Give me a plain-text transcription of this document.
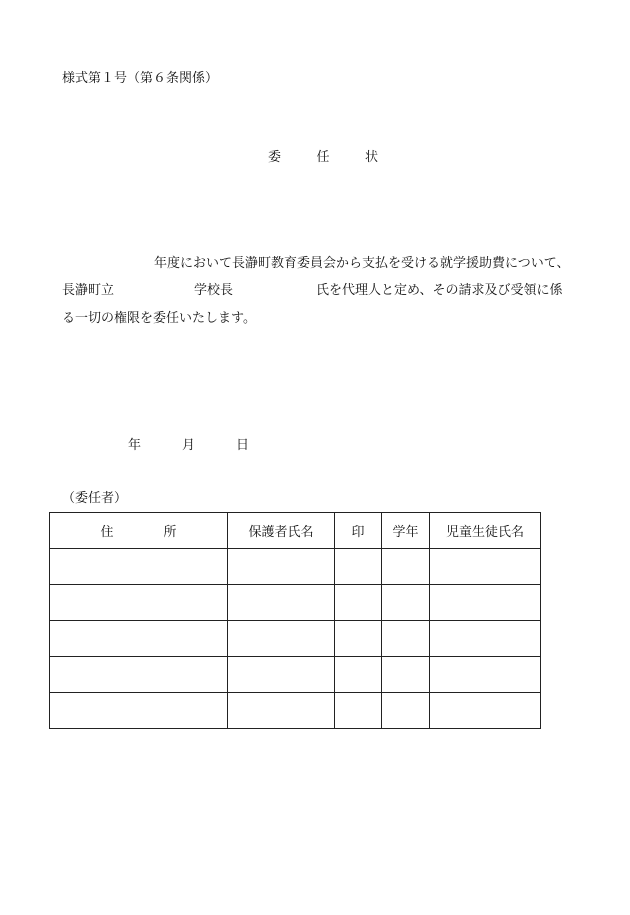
様式第１号（第６条関係）
委	任	状
年度において長瀞町教育委員会から支払を受ける就学援助費について、
長瀞町立	学校長	氏を代理人と定め、その請求及び受領に係
る一切の権限を委任いたします。
年	月	日
（委任者）
住 所	保護者氏名	印	学年	児童生徒氏名
